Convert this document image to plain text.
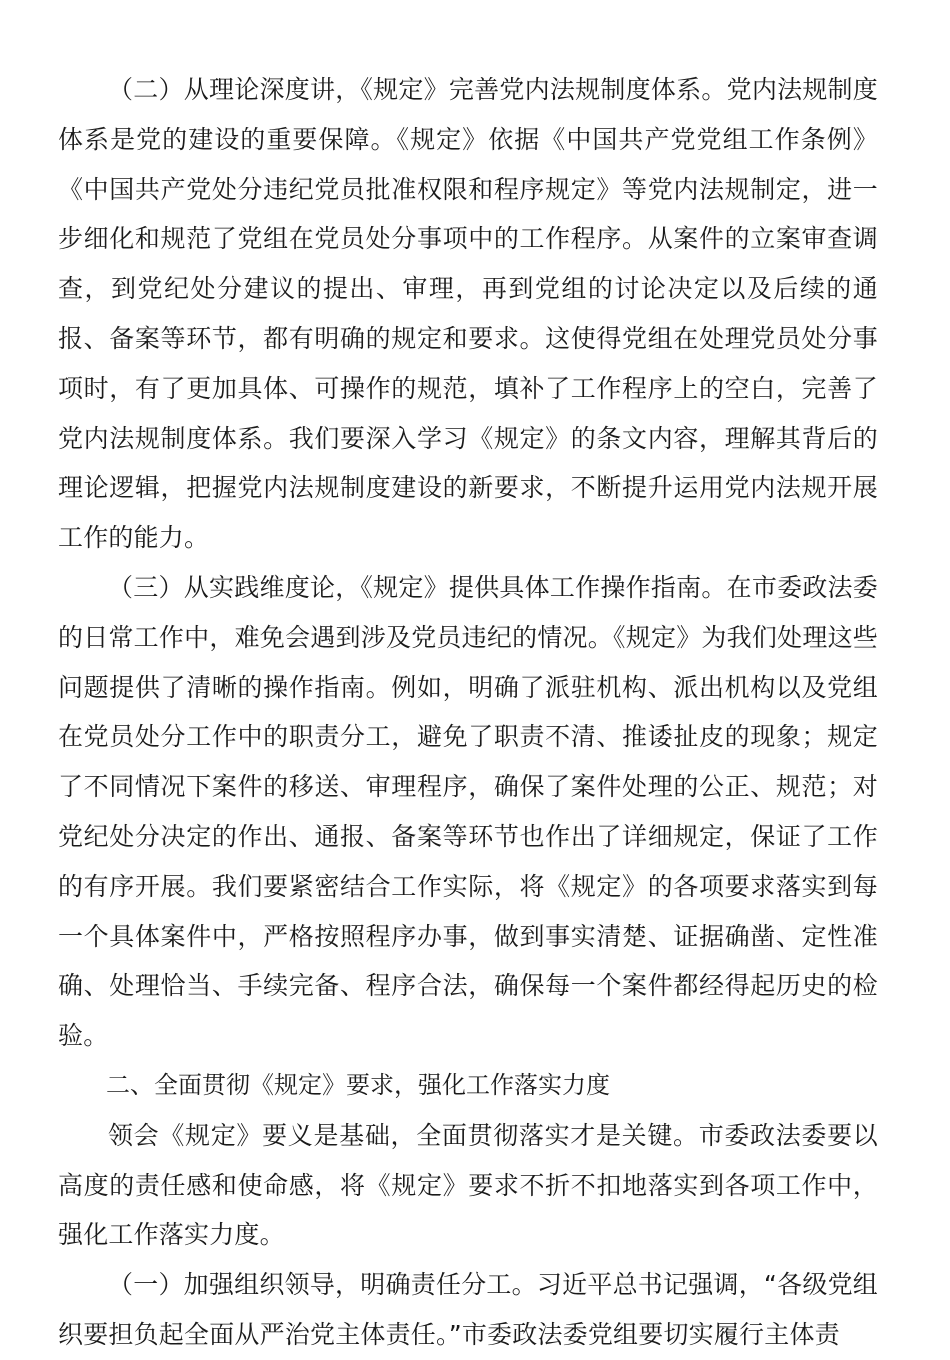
（二）从理论深度讲，《规定》完善党内法规制度体系。党内法规制度体系是党的建设的重要保障。《规定》依据《中国共产党党组工作条例》《中国共产党处分违纪党员批准权限和程序规定》等党内法规制定，进一步细化和规范了党组在党员处分事项中的工作程序。从案件的立案审查调查，到党纪处分建议的提出、审理，再到党组的讨论决定以及后续的通报、备案等环节，都有明确的规定和要求。这使得党组在处理党员处分事项时，有了更加具体、可操作的规范，填补了工作程序上的空白，完善了党内法规制度体系。我们要深入学习《规定》的条文内容，理解其背后的理论逻辑，把握党内法规制度建设的新要求，不断提升运用党内法规开展工作的能力。

（三）从实践维度论，《规定》提供具体工作操作指南。在市委政法委的日常工作中，难免会遇到涉及党员违纪的情况。《规定》为我们处理这些问题提供了清晰的操作指南。例如，明确了派驻机构、派出机构以及党组在党员处分工作中的职责分工，避免了职责不清、推诿扯皮的现象；规定了不同情况下案件的移送、审理程序，确保了案件处理的公正、规范；对党纪处分决定的作出、通报、备案等环节也作出了详细规定，保证了工作的有序开展。我们要紧密结合工作实际，将《规定》的各项要求落实到每一个具体案件中，严格按照程序办事，做到事实清楚、证据确凿、定性准确、处理恰当、手续完备、程序合法，确保每一个案件都经得起历史的检验。

二、全面贯彻《规定》要求，强化工作落实力度

领会《规定》要义是基础，全面贯彻落实才是关键。市委政法委要以高度的责任感和使命感，将《规定》要求不折不扣地落实到各项工作中，强化工作落实力度。

（一）加强组织领导，明确责任分工。习近平总书记强调，“各级党组织要担负起全面从严治党主体责任。”市委政法委党组要切实履行主体责
